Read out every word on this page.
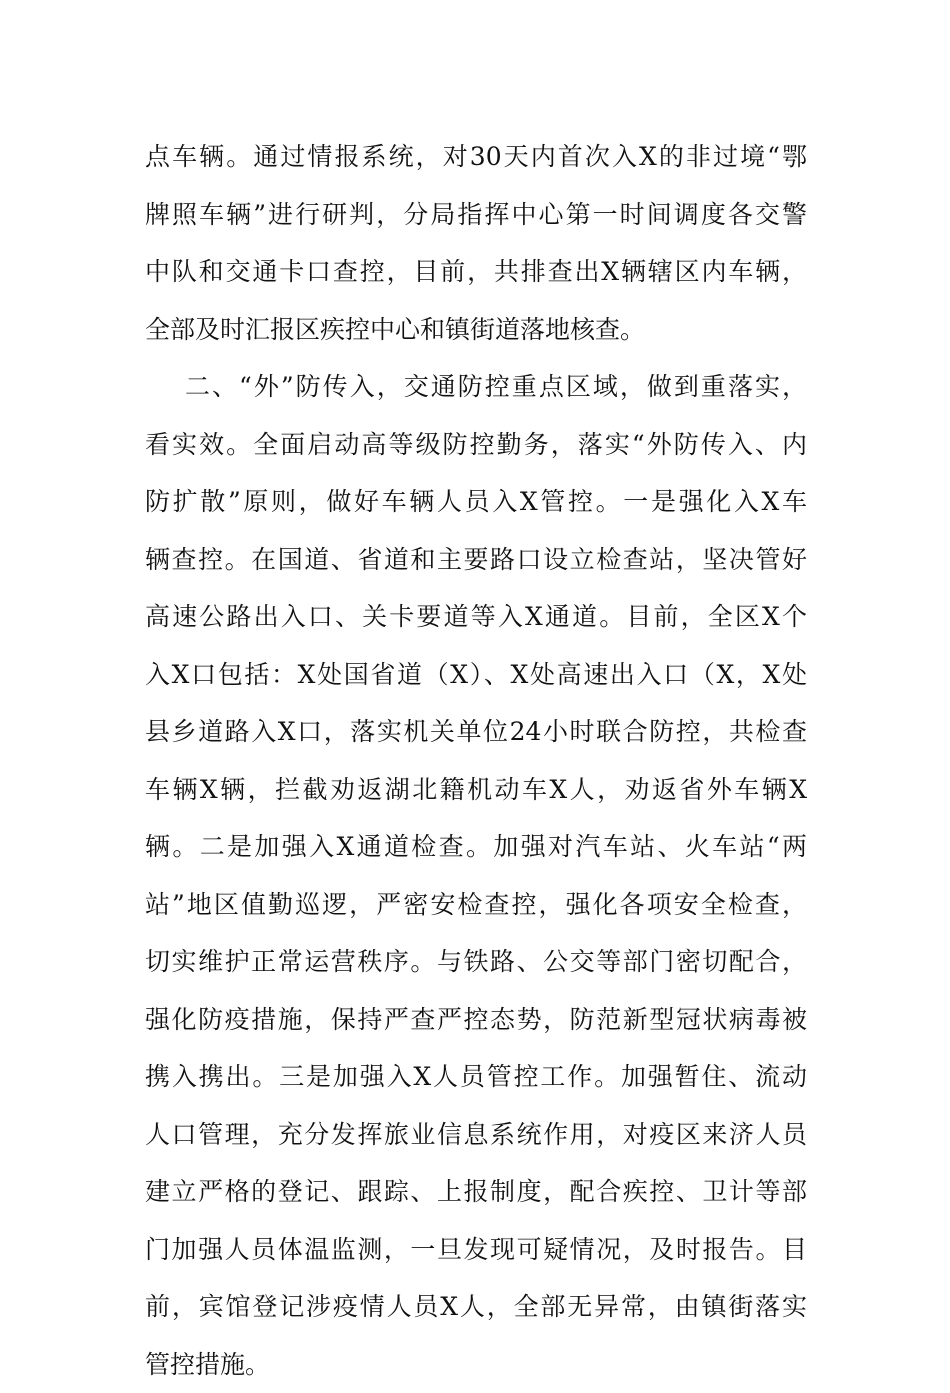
点车辆。通过情报系统，对30天内首次入X的非过境“鄂
牌照车辆”进行研判，分局指挥中心第一时间调度各交警
中队和交通卡口查控，目前，共排查出X辆辖区内车辆，
全部及时汇报区疾控中心和镇街道落地核查。
二、“外”防传入，交通防控重点区域，做到重落实，
看实效。全面启动高等级防控勤务，落实“外防传入、内
防扩散”原则，做好车辆人员入X管控。一是强化入X车
辆查控。在国道、省道和主要路口设立检查站，坚决管好
高速公路出入口、关卡要道等入X通道。目前，全区X个
入X口包括：X处国省道（X）、X处高速出入口（X，X处
县乡道路入X口，落实机关单位24小时联合防控，共检查
车辆X辆，拦截劝返湖北籍机动车X人，劝返省外车辆X
辆。二是加强入X通道检查。加强对汽车站、火车站“两
站”地区值勤巡逻，严密安检查控，强化各项安全检查，
切实维护正常运营秩序。与铁路、公交等部门密切配合，
强化防疫措施，保持严查严控态势，防范新型冠状病毒被
携入携出。三是加强入X人员管控工作。加强暂住、流动
人口管理，充分发挥旅业信息系统作用，对疫区来济人员
建立严格的登记、跟踪、上报制度，配合疾控、卫计等部
门加强人员体温监测，一旦发现可疑情况，及时报告。目
前，宾馆登记涉疫情人员X人，全部无异常，由镇街落实
管控措施。
